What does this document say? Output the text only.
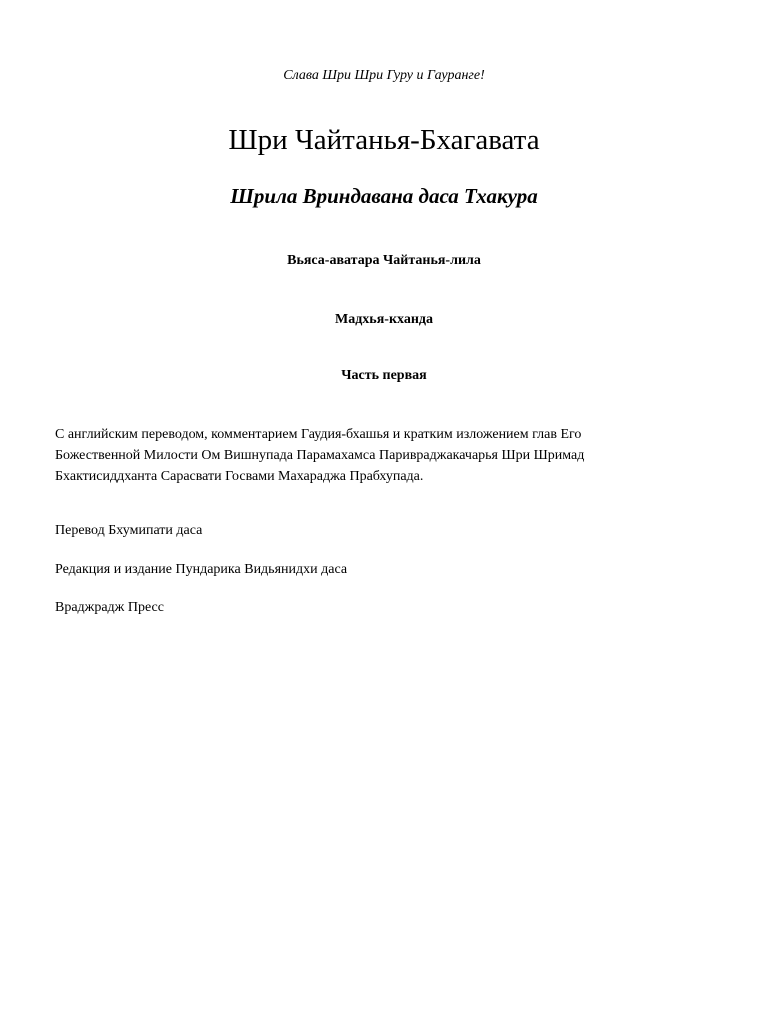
Слава Шри Шри Гуру и Гауранге!
Шри Чайтанья-Бхагавата
Шрила Вриндавана даса Тхакура
Вьяса-аватара Чайтанья-лила
Мадхья-кханда
Часть первая
С английским переводом, комментарием Гаудия-бхашья и кратким изложением глав Его
Божественной Милости Ом Вишнупада Парамахамса Паривраджакачарья Шри Шримад
Бхактисиддханта Сарасвати Госвами Махараджа Прабхупада.
Перевод Бхумипати даса
Редакция и издание Пундарика Видьянидхи даса
Враджрадж Пресс
